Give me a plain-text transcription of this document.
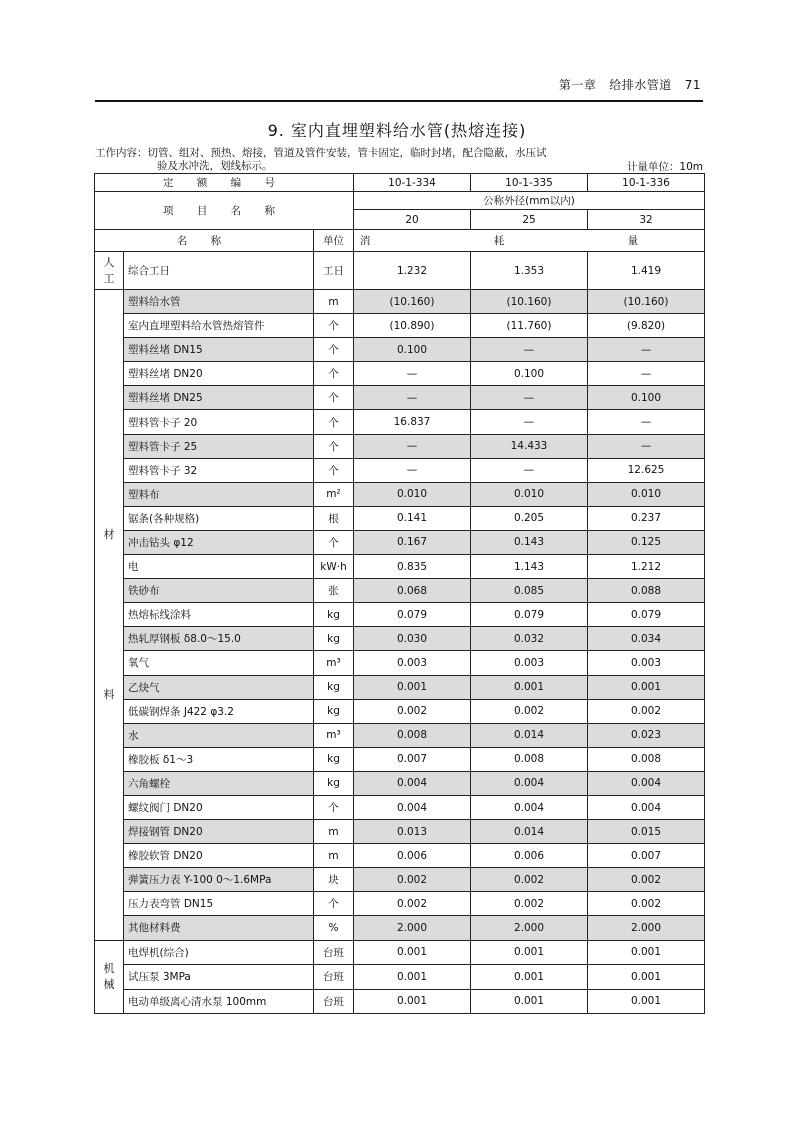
第一章   给排水管道   71
9. 室内直埋塑料给水管(热熔连接)
工作内容：切管、组对、预热、熔接，管道及管件安装，管卡固定，临时封堵，配合隐蔽，水压试
验及水冲洗，划线标示。	计量单位：10m
定 额 编 号			10-1-334	10-1-335	10-1-336
项 目 名 称			公称外径(mm以内)		
			20	25	32
名 称		单位	消 耗 量		
人工	综合工日	工日	1.232	1.353	1.419
材

料	塑料给水管	m	(10.160)	(10.160)	(10.160)
	室内直埋塑料给水管热熔管件	个	(10.890)	(11.760)	(9.820)
	塑料丝堵 DN15	个	0.100	—	—
	塑料丝堵 DN20	个	—	0.100	—
	塑料丝堵 DN25	个	—	—	0.100
	塑料管卡子 20	个	16.837	—	—
	塑料管卡子 25	个	—	14.433	—
	塑料管卡子 32	个	—	—	12.625
	塑料布	m²	0.010	0.010	0.010
	锯条(各种规格)	根	0.141	0.205	0.237
	冲击钻头 φ12	个	0.167	0.143	0.125
	电	kW·h	0.835	1.143	1.212
	铁砂布	张	0.068	0.085	0.088
	热熔标线涂料	kg	0.079	0.079	0.079
	热轧厚钢板 δ8.0～15.0	kg	0.030	0.032	0.034
	氧气	m³	0.003	0.003	0.003
	乙炔气	kg	0.001	0.001	0.001
	低碳钢焊条 J422 φ3.2	kg	0.002	0.002	0.002
	水	m³	0.008	0.014	0.023
	橡胶板 δ1～3	kg	0.007	0.008	0.008
	六角螺栓	kg	0.004	0.004	0.004
	螺纹阀门 DN20	个	0.004	0.004	0.004
	焊接钢管 DN20	m	0.013	0.014	0.015
	橡胶软管 DN20	m	0.006	0.006	0.007
	弹簧压力表 Y-100 0～1.6MPa	块	0.002	0.002	0.002
	压力表弯管 DN15	个	0.002	0.002	0.002
	其他材料费	%	2.000	2.000	2.000
机械	电焊机(综合)	台班	0.001	0.001	0.001
	试压泵 3MPa	台班	0.001	0.001	0.001
	电动单级离心清水泵 100mm	台班	0.001	0.001	0.001
